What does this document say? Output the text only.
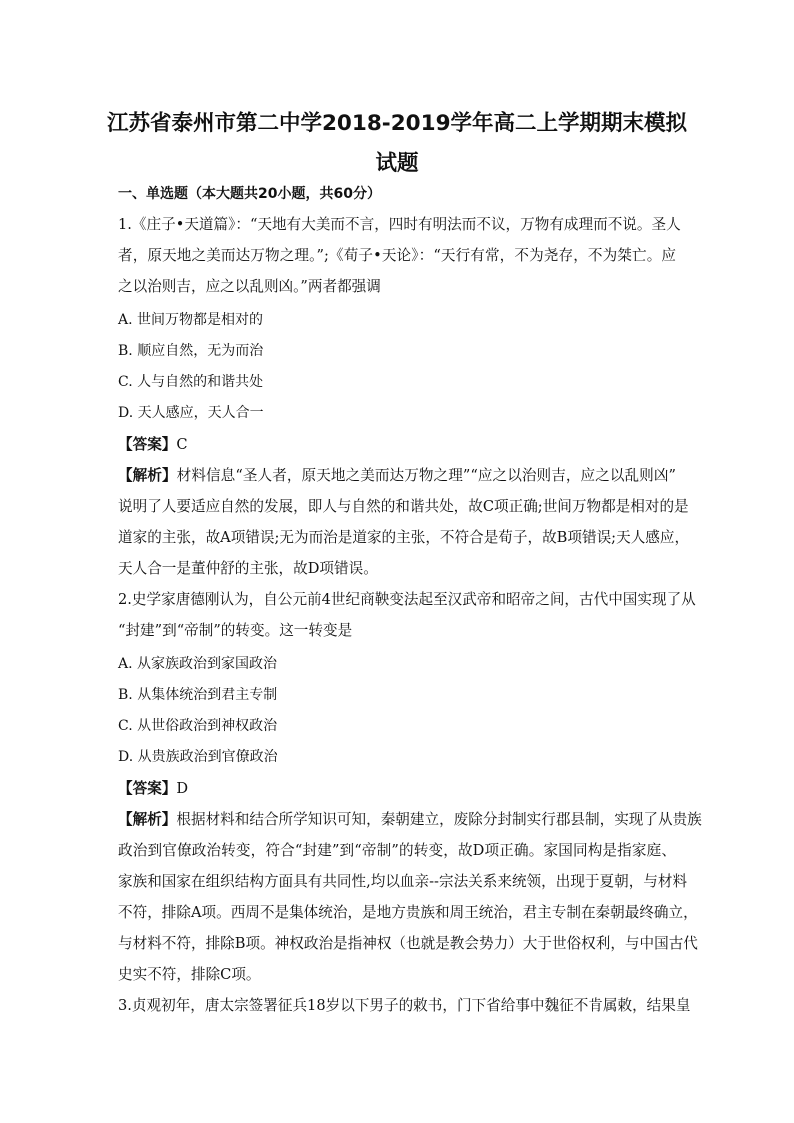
江苏省泰州市第二中学2018-2019学年高二上学期期末模拟
试题
一、单选题（本大题共20小题，共60分）
1.《庄子•天道篇》：“天地有大美而不言，四时有明法而不议，万物有成理而不说。圣人
者，原天地之美而达万物之理。”;《荀子•天论》：“天行有常，不为尧存，不为桀亡。应
之以治则吉，应之以乱则凶。”两者都强调
A. 世间万物都是相对的
B. 顺应自然，无为而治
C. 人与自然的和谐共处
D. 天人感应，天人合一
【答案】C
【解析】材料信息“圣人者，原天地之美而达万物之理”“应之以治则吉，应之以乱则凶”
说明了人要适应自然的发展，即人与自然的和谐共处，故C项正确;世间万物都是相对的是
道家的主张，故A项错误;无为而治是道家的主张，不符合是荀子，故B项错误;天人感应，
天人合一是董仲舒的主张，故D项错误。
2.史学家唐德刚认为，自公元前4世纪商鞅变法起至汉武帝和昭帝之间，古代中国实现了从
“封建”到“帝制”的转变。这一转变是
A. 从家族政治到家国政治
B. 从集体统治到君主专制
C. 从世俗政治到神权政治
D. 从贵族政治到官僚政治
【答案】D
【解析】根据材料和结合所学知识可知，秦朝建立，废除分封制实行郡县制，实现了从贵族
政治到官僚政治转变，符合“封建”到“帝制”的转变，故D项正确。家国同构是指家庭、
家族和国家在组织结构方面具有共同性,均以血亲--宗法关系来统领，出现于夏朝，与材料
不符，排除A项。西周不是集体统治，是地方贵族和周王统治，君主专制在秦朝最终确立，
与材料不符，排除B项。神权政治是指神权（也就是教会势力）大于世俗权利，与中国古代
史实不符，排除C项。
3.贞观初年，唐太宗签署征兵18岁以下男子的敕书，门下省给事中魏征不肯属敕，结果皇
